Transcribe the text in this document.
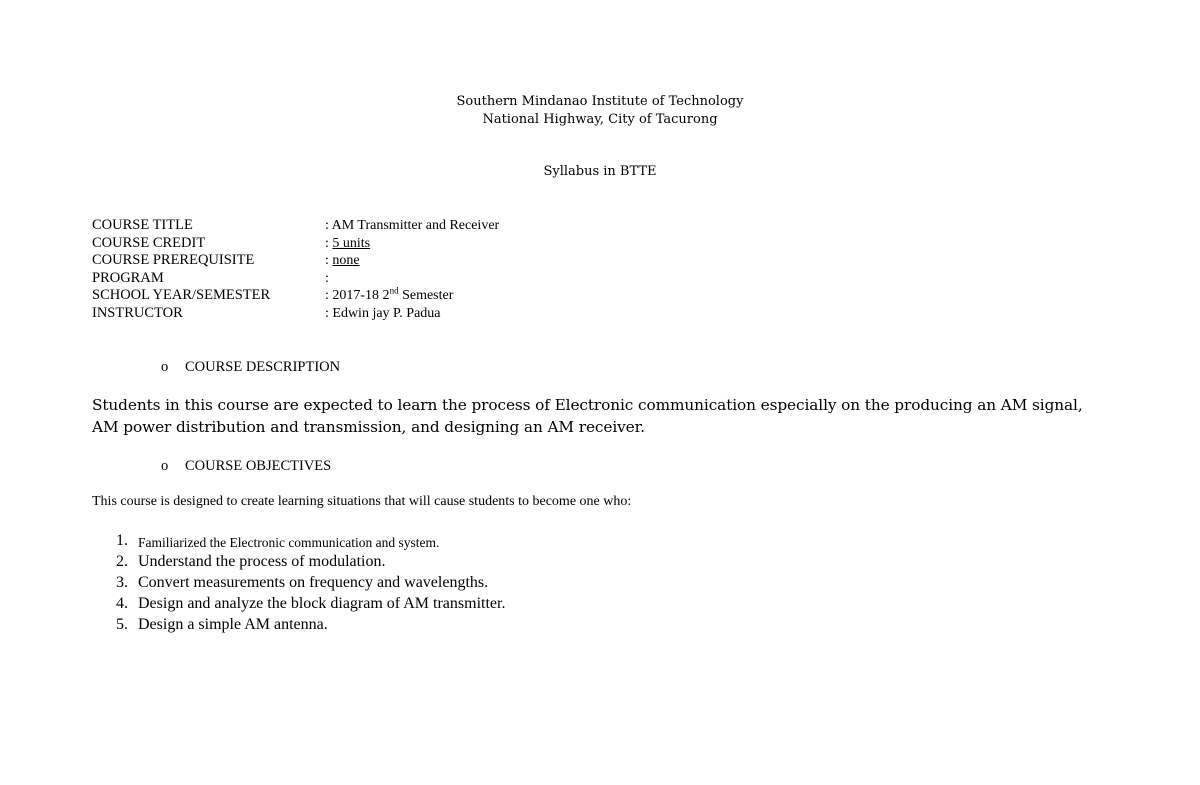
Southern Mindanao Institute of Technology
National Highway, City of Tacurong
Syllabus in BTTE
COURSE TITLE	: AM Transmitter and Receiver
COURSE CREDIT	: 5 units
COURSE PREREQUISITE	: none
PROGRAM	:
SCHOOL YEAR/SEMESTER	: 2017-18 2nd Semester
INSTRUCTOR	: Edwin jay P. Padua
o COURSE DESCRIPTION
Students in this course are expected to learn the process of Electronic communication especially on the producing an AM signal, AM power distribution and transmission, and designing an AM receiver.
o COURSE OBJECTIVES
This course is designed to create learning situations that will cause students to become one who:
1. Familiarized the Electronic communication and system.
2. Understand the process of modulation.
3. Convert measurements on frequency and wavelengths.
4. Design and analyze the block diagram of AM transmitter.
5. Design a simple AM antenna.
